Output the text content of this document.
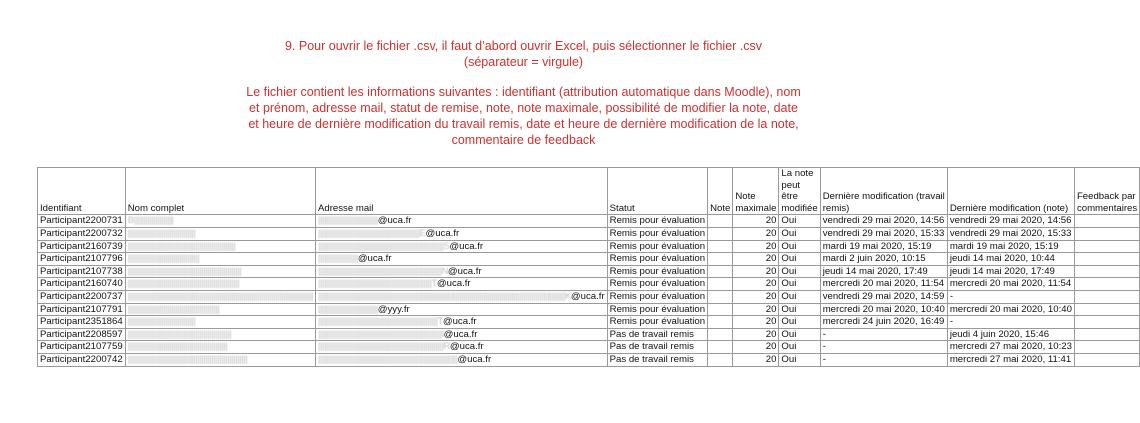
9. Pour ouvrir le fichier .csv, il faut d’abord ouvrir Excel, puis sélectionner le fichier .csv
(séparateur = virgule)
Le fichier contient les informations suivantes : identifiant (attribution automatique dans Moodle), nom et prénom, adresse mail, statut de remise, note, note maximale, possibilité de modifier la note, date et heure de dernière modification du travail remis, date et heure de dernière modification de la note, commentaire de feedback
Identifiant	Nom complet	Adresse mail	Statut	Note	Note maximale	La note peut être modifiée	Dernière modification (travail remis)	Dernière modification (note)	Feedback par commentaires
Participant2200731	B||||||||||||||||||||	||||||||||||||||||||||||||||||@uca.fr	Remis pour évaluation		20	Oui	vendredi 29 mai 2020, 14:56	vendredi 29 mai 2020, 14:56	
Participant2200732	||||||||||||||||||||||||||||||||||	|||||||||||||||||||||||||||||||||||||||||||||||||||E@uca.fr	Remis pour évaluation		20	Oui	vendredi 29 mai 2020, 15:33	vendredi 29 mai 2020, 15:33	
Participant2160739	||||||||||||||||||||||||||||||||||||||||||||||||||||||	|||||||||||||||||||||||||||||||||||||||||||||||||||||||||||||||S@uca.fr	Remis pour évaluation		20	Oui	mardi 19 mai 2020, 15:19	mardi 19 mai 2020, 15:19	
Participant2107796	||||||||||||||||||||||||||||||||||||	||||||||||||||||||||@uca.fr	Remis pour évaluation		20	Oui	mardi 2 juin 2020, 10:15	jeudi 14 mai 2020, 10:44	
Participant2107738	|||||||||||||||||||||||||||||||||||||||||||||||||||||||||	||||||||||||||||||||||||||||||||||||||||||||||||||||||||||||||N@uca.fr	Remis pour évaluation		20	Oui	jeudi 14 mai 2020, 17:49	jeudi 14 mai 2020, 17:49	
Participant2160740	||||||||||||||||||||||||||||||||||||||||||||||||||||||||	|||||||||||||||||||||||||||||||||||||||||||||||||||||||||T@uca.fr	Remis pour évaluation		20	Oui	mercredi 20 mai 2020, 11:54	mercredi 20 mai 2020, 11:54	
Participant2200737	|||||||||||||||||||||||||||||||||||||||||||||||||||||||||||||||||||||||||||||||||||||||||||||	||||||||||||||||||||||||||||||||||||||||||||||||||||||||||||||||||||||||||||||||||||||||||||||||||||||||||||||||||||||||||||K@uca.fr	Remis pour évaluation		20	Oui	vendredi 29 mai 2020, 14:59	-	
Participant2107791	||||||||||||||||||||||||||||||||||||||||||||||	||||||||||||||||||||||||||||||@yyy.fr	Remis pour évaluation		20	Oui	mercredi 20 mai 2020, 10:40	mercredi 20 mai 2020, 10:40	
Participant2351864	||||||||||||||||||||||||||||||||||	||||||||||||||||||||||||||||||||||||||||||||||||||||||||||||T@uca.fr	Remis pour évaluation		20	Oui	mercredi 24 juin 2020, 16:49	-	
Participant2208597	||||||||||||||||||||||||||||||||||||||||||||||||||||	||||||||||||||||||||||||||||||||||||||||||||||||||||||||||||||I@uca.fr	Pas de travail remis		20	Oui	-	jeudi 4 juin 2020, 15:46	
Participant2107759	||||||||||||||||||||||||||||||||||||||||||||||||||	|||||||||||||||||||||||||||||||||||||||||||||||||||||||||||||||R@uca.fr	Pas de travail remis		20	Oui	-	mercredi 27 mai 2020, 10:23	
Participant2200742	||||||||||||||||||||||||||||||||||||||||||||||||||||||||||||	||||||||||||||||||||||||||||||||||||||||||||||||||||||||||||||||||||||@uca.fr	Pas de travail remis		20	Oui	-	mercredi 27 mai 2020, 11:41	
